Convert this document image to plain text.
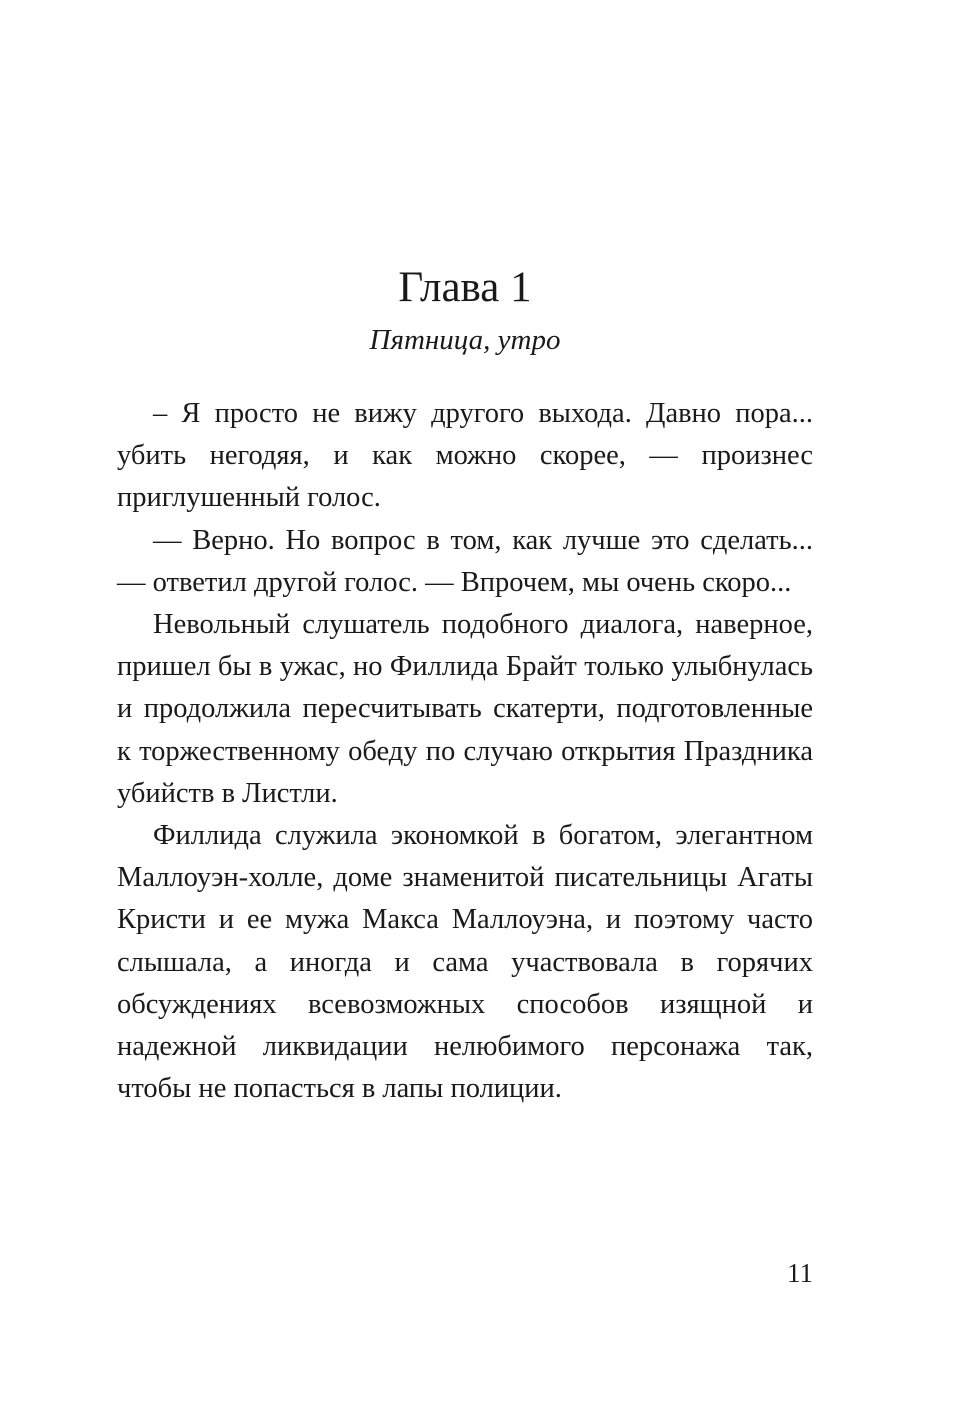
Глава 1
Пятница, утро

– Я просто не вижу другого выхода. Давно пора... убить негодяя, и как можно скорее, — произнес приглушенный голос.

— Верно. Но вопрос в том, как лучше это сделать... — ответил другой голос. — Впрочем, мы очень скоро...

Невольный слушатель подобного диалога, наверное, пришел бы в ужас, но Филлида Брайт только улыбнулась и продолжила пересчитывать скатерти, подготовленные к торжественному обеду по случаю открытия Праздника убийств в Листли.

Филлида служила экономкой в богатом, элегантном Маллоуэн-холле, доме знаменитой писательницы Агаты Кристи и ее мужа Макса Маллоуэна, и поэтому часто слышала, а иногда и сама участвовала в горячих обсуждениях всевозможных способов изящной и надежной ликвидации нелюбимого персонажа так, чтобы не попасться в лапы полиции.

11
